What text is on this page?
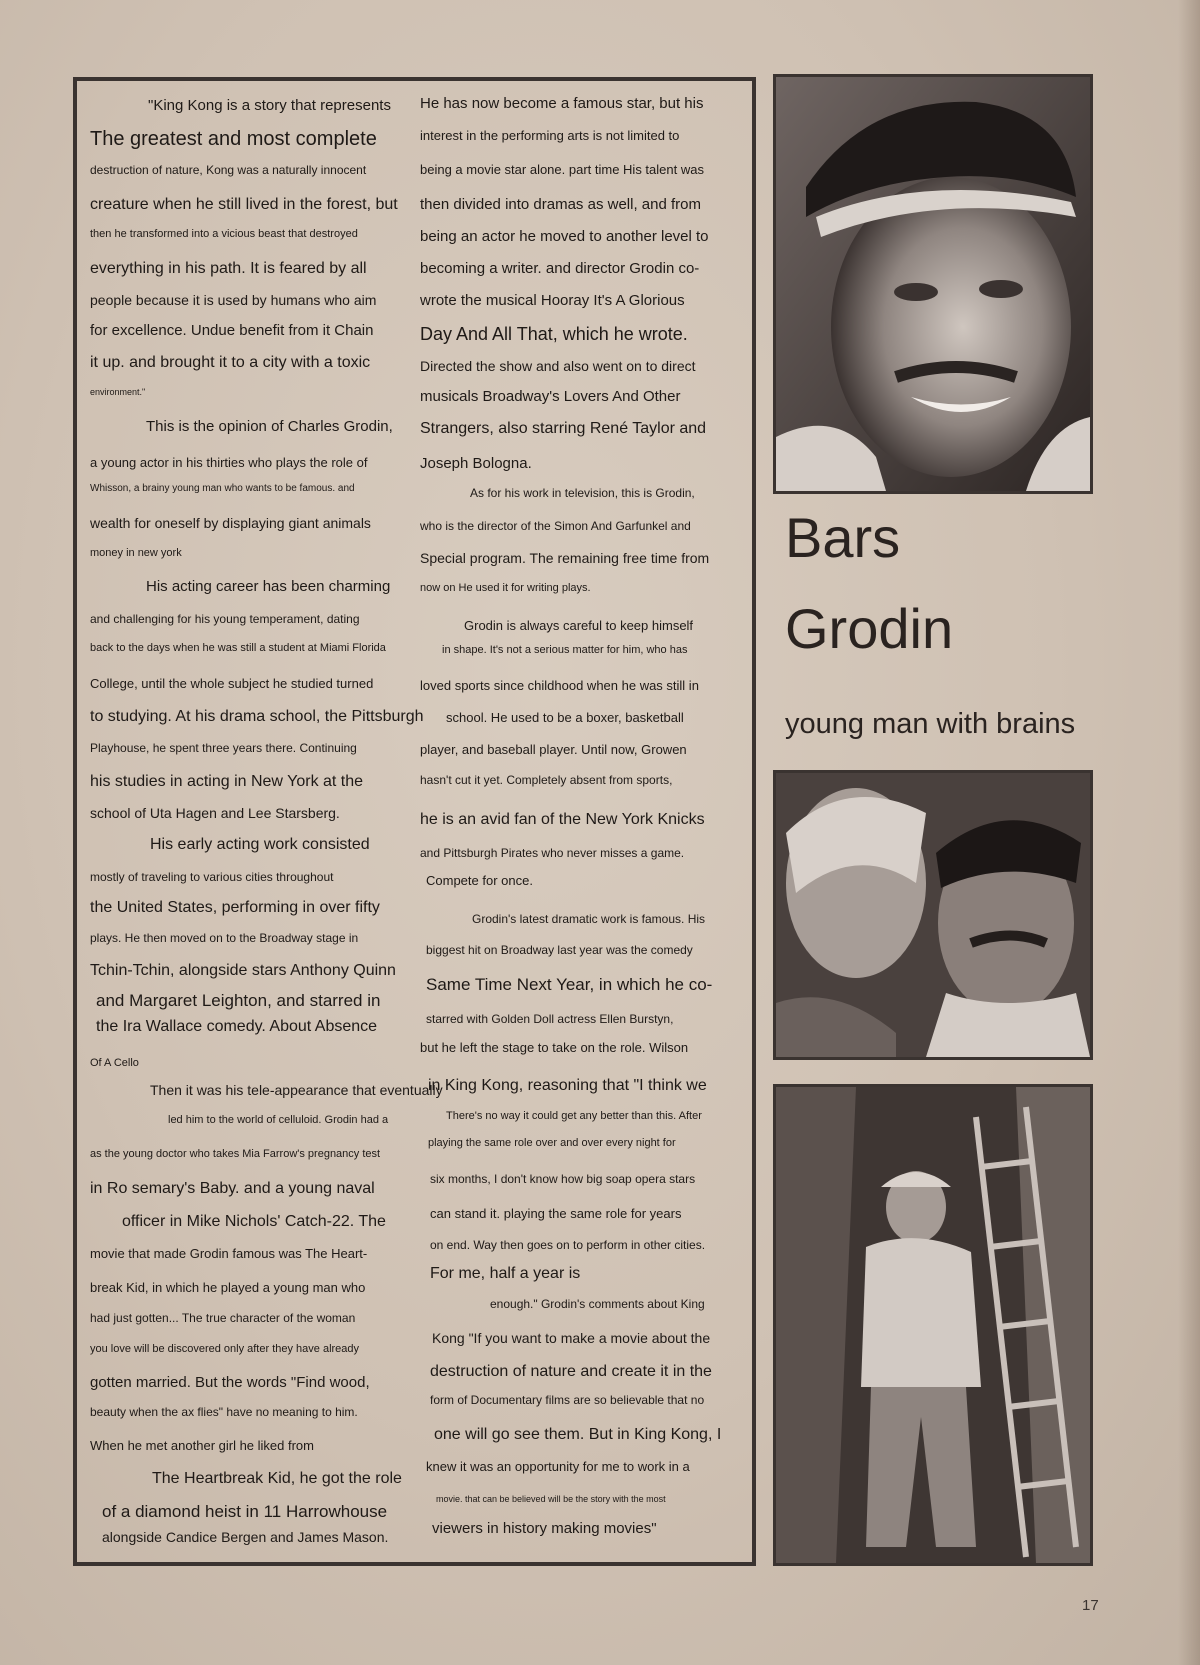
"King Kong is a story that represents
The greatest and most complete
destruction of nature, Kong was a naturally innocent
creature when he still lived in the forest, but
then he transformed into a vicious beast that destroyed
everything in his path. It is feared by all
people because it is used by humans who aim
for excellence. Undue benefit from it Chain
it up. and brought it to a city with a toxic
environment."
This is the opinion of Charles Grodin,
a young actor in his thirties who plays the role of
Whisson, a brainy young man who wants to be famous. and
wealth for oneself by displaying giant animals
money in new york
His acting career has been charming
and challenging for his young temperament, dating
back to the days when he was still a student at Miami Florida
College, until the whole subject he studied turned
to studying. At his drama school, the Pittsburgh
Playhouse, he spent three years there. Continuing
his studies in acting in New York at the
school of Uta Hagen and Lee Starsberg.
His early acting work consisted
mostly of traveling to various cities throughout
the United States, performing in over fifty
plays. He then moved on to the Broadway stage in
Tchin-Tchin, alongside stars Anthony Quinn
and Margaret Leighton, and starred in
the Ira Wallace comedy. About Absence
Of A Cello
Then it was his tele-appearance that eventually
led him to the world of celluloid. Grodin had a
as the young doctor who takes Mia Farrow's pregnancy test
in Ro semary's Baby. and a young naval
officer in Mike Nichols' Catch-22. The
movie that made Grodin famous was The Heart-
break Kid, in which he played a young man who
had just gotten... The true character of the woman
you love will be discovered only after they have already
gotten married. But the words "Find wood,
beauty when the ax flies" have no meaning to him.
When he met another girl he liked from
The Heartbreak Kid, he got the role
of a diamond heist in 11 Harrowhouse
alongside Candice Bergen and James Mason.
He has now become a famous star, but his
interest in the performing arts is not limited to
being a movie star alone. part time His talent was
then divided into dramas as well, and from
being an actor he moved to another level to
becoming a writer. and director Grodin co-
wrote the musical Hooray It's A Glorious
Day And All That, which he wrote.
Directed the show and also went on to direct
musicals Broadway's Lovers And Other
Strangers, also starring René Taylor and
Joseph Bologna.
As for his work in television, this is Grodin,
who is the director of the Simon And Garfunkel and
Special program. The remaining free time from
now on He used it for writing plays.
Grodin is always careful to keep himself
in shape. It's not a serious matter for him, who has
loved sports since childhood when he was still in
school. He used to be a boxer, basketball
player, and baseball player. Until now, Growen
hasn't cut it yet. Completely absent from sports,
he is an avid fan of the New York Knicks
and Pittsburgh Pirates who never misses a game.
Compete for once.
Grodin's latest dramatic work is famous. His
biggest hit on Broadway last year was the comedy
Same Time Next Year, in which he co-
starred with Golden Doll actress Ellen Burstyn,
but he left the stage to take on the role. Wilson
in King Kong, reasoning that "I think we
There's no way it could get any better than this. After
playing the same role over and over every night for
six months, I don't know how big soap opera stars
can stand it. playing the same role for years
on end. Way then goes on to perform in other cities.
For me, half a year is
enough." Grodin's comments about King
Kong "If you want to make a movie about the
destruction of nature and create it in the
form of Documentary films are so believable that no
one will go see them. But in King Kong, I
knew it was an opportunity for me to work in a
movie. that can be believed will be the story with the most
viewers in history making movies"
Bars
Grodin
young man with brains
17
